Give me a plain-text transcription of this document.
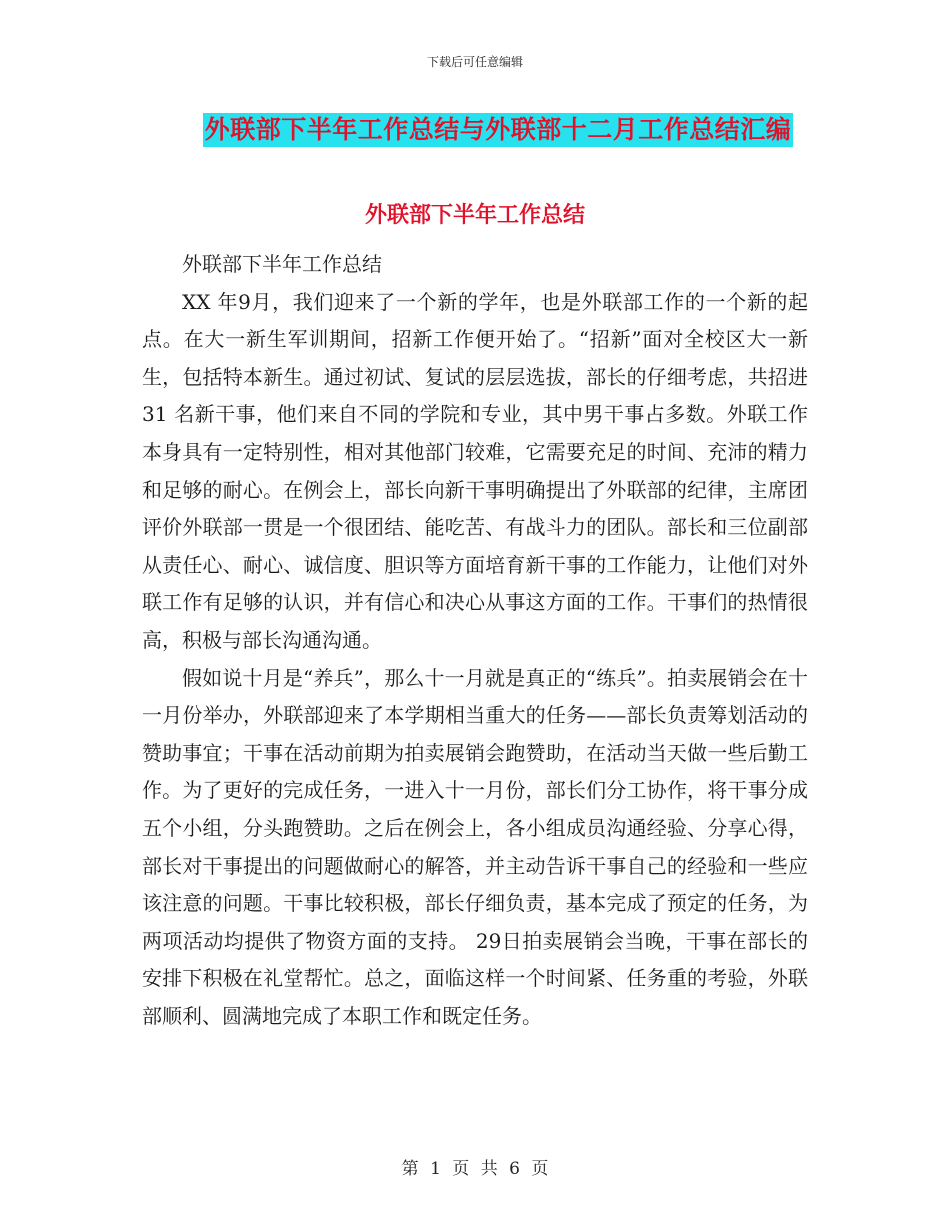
下载后可任意编辑
外联部下半年工作总结与外联部十二月工作总结汇编
外联部下半年工作总结

外联部下半年工作总结

XX 年9月，我们迎来了一个新的学年，也是外联部工作的一个新的起点。在大一新生军训期间，招新工作便开始了。“招新”面对全校区大一新生，包括特本新生。通过初试、复试的层层选拔，部长的仔细考虑，共招进 31 名新干事，他们来自不同的学院和专业，其中男干事占多数。外联工作本身具有一定特别性，相对其他部门较难，它需要充足的时间、充沛的精力和足够的耐心。在例会上，部长向新干事明确提出了外联部的纪律，主席团评价外联部一贯是一个很团结、能吃苦、有战斗力的团队。部长和三位副部从责任心、耐心、诚信度、胆识等方面培育新干事的工作能力，让他们对外联工作有足够的认识，并有信心和决心从事这方面的工作。干事们的热情很高，积极与部长沟通沟通。

假如说十月是“养兵”，那么十一月就是真正的“练兵”。拍卖展销会在十一月份举办，外联部迎来了本学期相当重大的任务——部长负责筹划活动的赞助事宜；干事在活动前期为拍卖展销会跑赞助，在活动当天做一些后勤工作。为了更好的完成任务，一进入十一月份，部长们分工协作，将干事分成五个小组，分头跑赞助。之后在例会上，各小组成员沟通经验、分享心得，部长对干事提出的问题做耐心的解答，并主动告诉干事自己的经验和一些应该注意的问题。干事比较积极，部长仔细负责，基本完成了预定的任务，为两项活动均提供了物资方面的支持。 29日拍卖展销会当晚，干事在部长的安排下积极在礼堂帮忙。总之，面临这样一个时间紧、任务重的考验，外联部顺利、圆满地完成了本职工作和既定任务。

第 1 页 共 6 页
